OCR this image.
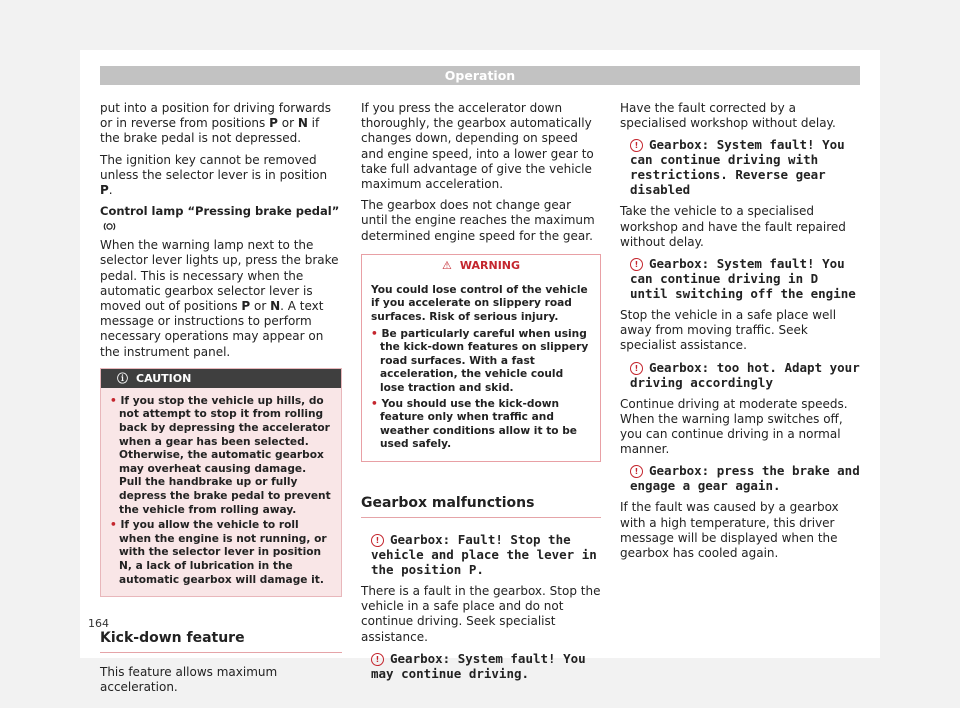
Operation

put into a position for driving forwards or in reverse from positions P or N if the brake pedal is not depressed.

The ignition key cannot be removed unless the selector lever is in position P.

Control lamp “Pressing brake pedal”

When the warning lamp next to the selector lever lights up, press the brake pedal. This is necessary when the automatic gearbox selector lever is moved out of positions P or N. A text message or instructions to perform necessary operations may appear on the instrument panel.

ⓘ CAUTION

• If you stop the vehicle up hills, do not attempt to stop it from rolling back by depressing the accelerator when a gear has been selected. Otherwise, the automatic gearbox may overheat causing damage. Pull the handbrake up or fully depress the brake pedal to prevent the vehicle from rolling away.

• If you allow the vehicle to roll when the engine is not running, or with the selector lever in position N, a lack of lubrication in the automatic gearbox will damage it.

Kick-down feature

This feature allows maximum acceleration.

If you press the accelerator down thoroughly, the gearbox automatically changes down, depending on speed and engine speed, into a lower gear to take full advantage of give the vehicle maximum acceleration.

The gearbox does not change gear until the engine reaches the maximum determined engine speed for the gear.

⚠ WARNING

You could lose control of the vehicle if you accelerate on slippery road surfaces. Risk of serious injury.

• Be particularly careful when using the kick-down features on slippery road surfaces. With a fast acceleration, the vehicle could lose traction and skid.

• You should use the kick-down feature only when traffic and weather conditions allow it to be used safely.

Gearbox malfunctions

! Gearbox: Fault! Stop the vehicle and place the lever in the position P.

There is a fault in the gearbox. Stop the vehicle in a safe place and do not continue driving. Seek specialist assistance.

! Gearbox: System fault! You may continue driving.

Have the fault corrected by a specialised workshop without delay.

! Gearbox: System fault! You can continue driving with restrictions. Reverse gear disabled

Take the vehicle to a specialised workshop and have the fault repaired without delay.

! Gearbox: System fault! You can continue driving in D until switching off the engine

Stop the vehicle in a safe place well away from moving traffic. Seek specialist assistance.

! Gearbox: too hot. Adapt your driving accordingly

Continue driving at moderate speeds. When the warning lamp switches off, you can continue driving in a normal manner.

! Gearbox: press the brake and engage a gear again.

If the fault was caused by a gearbox with a high temperature, this driver message will be displayed when the gearbox has cooled again.

164
